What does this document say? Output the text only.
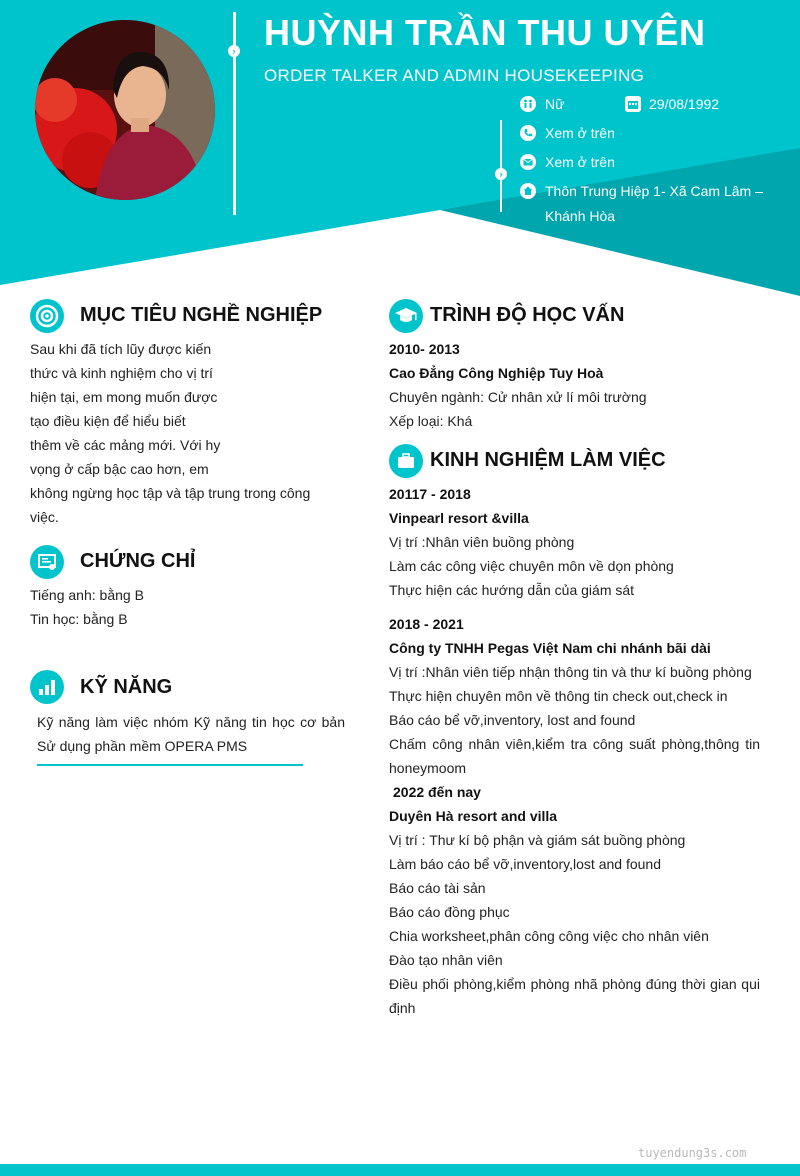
› HUỲNH TRẦN THU UYÊN
ORDER TALKER AND ADMIN HOUSEKEEPING
Nữ	29/08/1992
›
Xem ở trên
Xem ở trên
Thôn Trung Hiệp 1- Xã Cam Lâm –
Khánh Hòa
MỤC TIÊU NGHỀ NGHIỆP
Sau khi đã tích lũy được kiến
thức và kinh nghiệm cho vị trí
hiện tại, em mong muốn được
tạo điều kiện để hiểu biết
thêm về các mảng mới. Với hy
vọng ở cấp bậc cao hơn, em
không ngừng học tập và tập trung trong công
việc.
CHỨNG CHỈ
Tiếng anh: bằng B
Tin học: bằng B
KỸ NĂNG
Kỹ năng làm việc nhóm Kỹ năng tin học cơ bản
Sử dụng phần mềm OPERA PMS
TRÌNH ĐỘ HỌC VẤN
2010- 2013
Cao Đẳng Công Nghiệp Tuy Hoà
Chuyên ngành: Cử nhân xử lí môi trường
Xếp loại: Khá
KINH NGHIỆM LÀM VIỆC
20117 - 2018
Vinpearl resort &villa
Vị trí :Nhân viên buồng phòng
Làm các công việc chuyên môn về dọn phòng
Thực hiện các hướng dẫn của giám sát
2018 - 2021
Công ty TNHH Pegas Việt Nam chi nhánh bãi dài
Vị trí :Nhân viên tiếp nhận thông tin và thư kí buồng phòng
Thực hiện chuyên môn về thông tin check out,check in
Báo cáo bể vỡ,inventory, lost and found
Chấm công nhân viên,kiểm tra công suất phòng,thông tin
honeymoom
2022 đến nay
Duyên Hà resort and villa
Vị trí : Thư kí bộ phận và giám sát buồng phòng
Làm báo cáo bể vỡ,inventory,lost and found
Báo cáo tài sản
Báo cáo đồng phục
Chia worksheet,phân công công việc cho nhân viên
Đào tạo nhân viên
Điều phối phòng,kiểm phòng nhã phòng đúng thời gian qui
định
tuyendung3s.com
